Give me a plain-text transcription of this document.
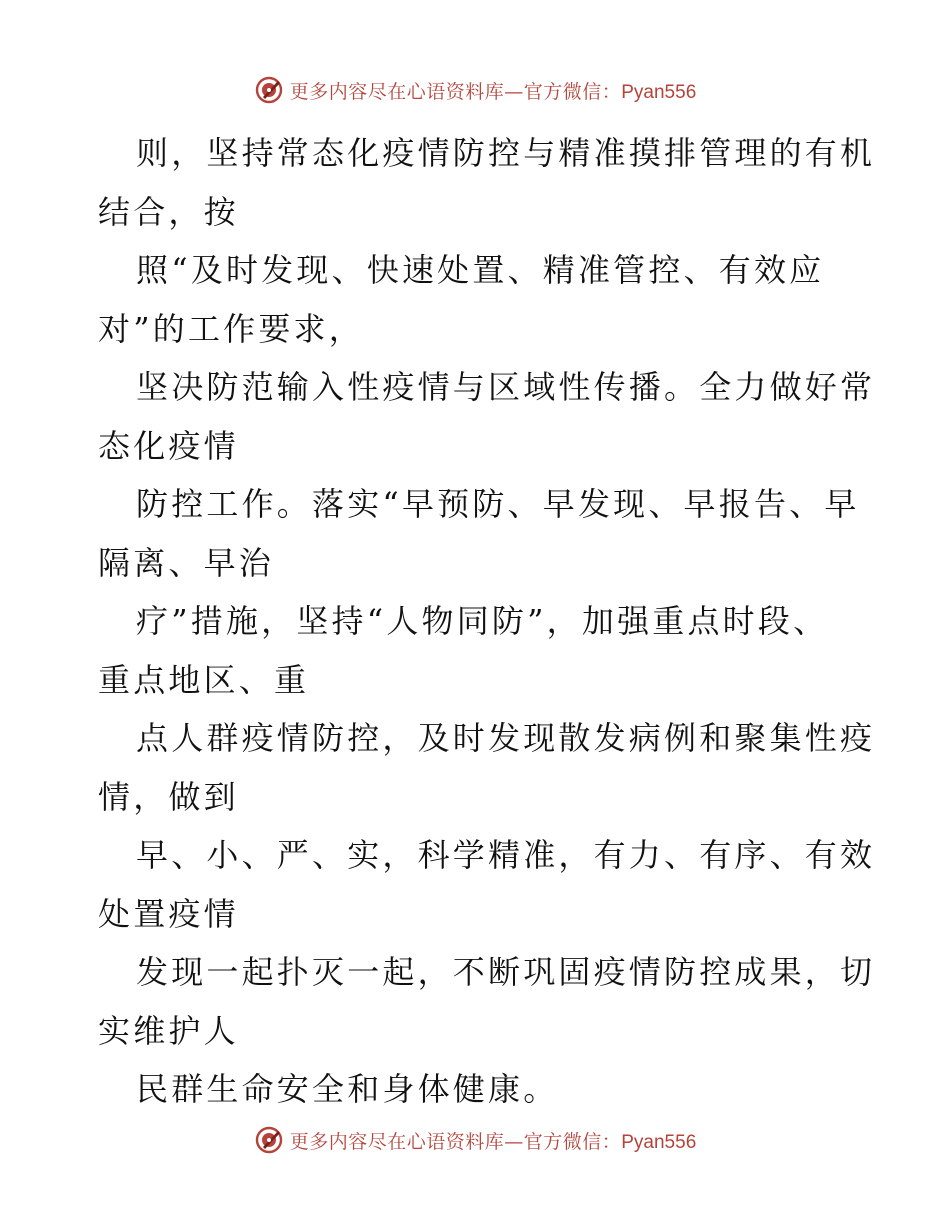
更多内容尽在心语资料库—官方微信：Pyan556
则，坚持常态化疫情防控与精准摸排管理的有机
结合，按
照“及时发现、快速处置、精准管控、有效应
对”的工作要求，
坚决防范输入性疫情与区域性传播。全力做好常
态化疫情
防控工作。落实“早预防、早发现、早报告、早
隔离、早治
疗”措施，坚持“人物同防”，加强重点时段、
重点地区、重
点人群疫情防控，及时发现散发病例和聚集性疫
情，做到
早、小、严、实，科学精准，有力、有序、有效
处置疫情
发现一起扑灭一起，不断巩固疫情防控成果，切
实维护人
民群生命安全和身体健康。
更多内容尽在心语资料库—官方微信：Pyan556
